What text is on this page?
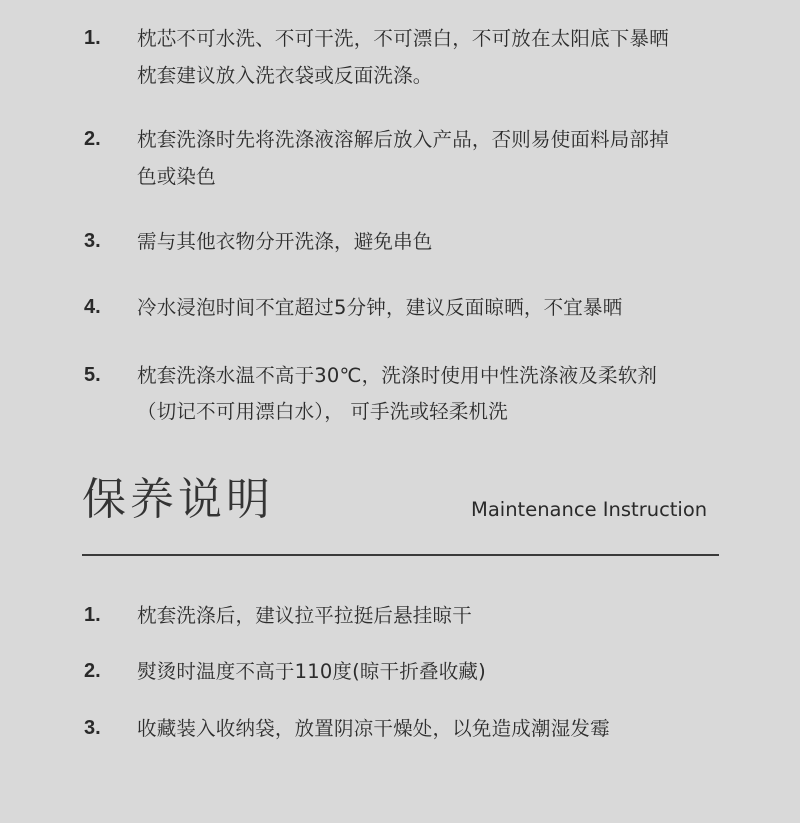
1. 枕芯不可水洗、不可干洗，不可漂白，不可放在太阳底下暴晒
枕套建议放入洗衣袋或反面洗涤。
2. 枕套洗涤时先将洗涤液溶解后放入产品，否则易使面料局部掉
色或染色
3. 需与其他衣物分开洗涤，避免串色
4. 冷水浸泡时间不宜超过5分钟，建议反面晾晒，不宜暴晒
5. 枕套洗涤水温不高于30℃，洗涤时使用中性洗涤液及柔软剂
（切记不可用漂白水）， 可手洗或轻柔机洗
保养说明	Maintenance Instruction
1. 枕套洗涤后，建议拉平拉挺后悬挂晾干
2. 熨烫时温度不高于110度(晾干折叠收藏)
3. 收藏装入收纳袋，放置阴凉干燥处，以免造成潮湿发霉
